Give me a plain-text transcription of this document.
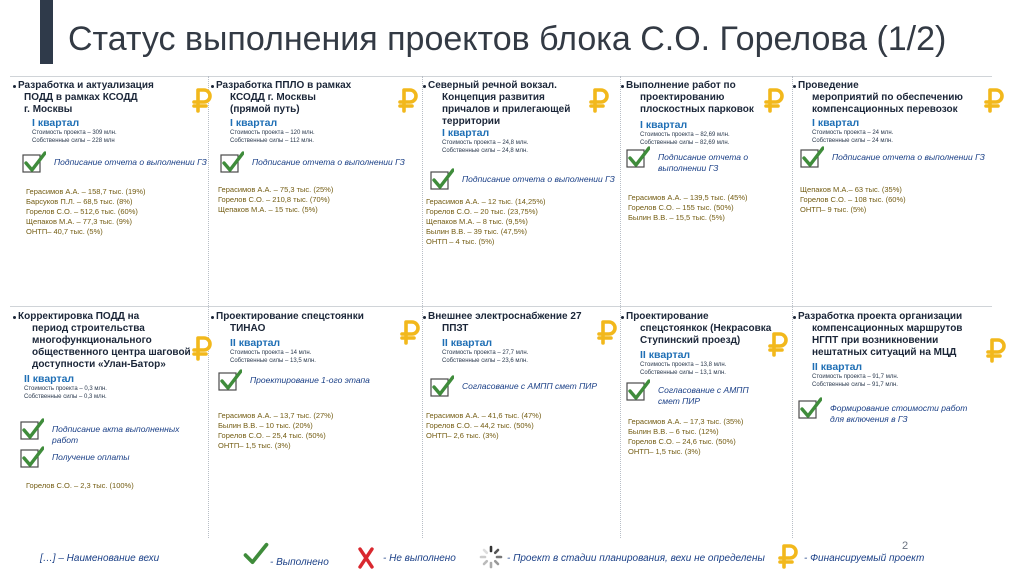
Статус выполнения проектов блока С.О. Горелова (1/2)
Разработка и актуализация
ПОДД в рамках КСОДД
г. Москвы
I квартал
Стоимость проекта – 309 млн.
Собственные силы – 228 млн
Подписание отчета о выполнении ГЗ
Герасимов А.А. – 158,7 тыс. (19%)
Барсуков П.Л. – 68,5 тыс. (8%)
Горелов С.О. – 512,6 тыс. (60%)
Щепаков М.А. – 77,3 тыс. (9%)
ОНТП– 40,7 тыс. (5%)
Разработка ППЛО в рамках
КСОДД г. Москвы
(прямой путь)
I квартал
Стоимость проекта – 120 млн.
Собственные силы – 112 млн.
Подписание отчета о выполнении ГЗ
Герасимов А.А. – 75,3 тыс. (25%)
Горелов С.О. – 210,8 тыс. (70%)
Щепаков М.А. – 15 тыс. (5%)
Северный речной вокзал.
Концепция развития
причалов и прилегающей
территории
I квартал
Стоимость проекта – 24,8 млн.
Собственные силы – 24,8 млн.
Подписание отчета о выполнении ГЗ
Герасимов А.А. – 12 тыс. (14,25%)
Горелов С.О. – 20 тыс. (23,75%)
Щепаков М.А. – 8 тыс. (9,5%)
Былин В.В. – 39 тыс. (47,5%)
ОНТП – 4 тыс. (5%)
Выполнение работ по
проектированию
плоскостных парковок
I квартал
Стоимость проекта – 82,69 млн.
Собственные силы – 82,69 млн.
Подписание отчета о
выполнении ГЗ
Герасимов А.А. – 139,5 тыс. (45%)
Горелов С.О. – 155 тыс. (50%)
Былин В.В. – 15,5 тыс. (5%)
Проведение
мероприятий по обеспечению
компенсационных перевозок
I квартал
Стоимость проекта – 24 млн.
Собственные силы – 24 млн.
Подписание отчета о выполнении ГЗ
Щепаков М.А.– 63 тыс. (35%)
Горелов С.О. – 108 тыс. (60%)
ОНТП– 9 тыс. (5%)
Корректировка ПОДД на
период строительства
многофункционального
общественного центра шаговой
доступности «Улан-Батор»
II квартал
Стоимость проекта – 0,3 млн.
Собственные силы – 0,3 млн.
Подписание акта выполненных
работ
Получение оплаты
Горелов С.О. – 2,3 тыс. (100%)
Проектирование спецстоянки
ТИНАО
II квартал
Стоимость проекта – 14 млн.
Собственные силы – 13,5 млн.
Проектирование 1-ого этапа
Герасимов А.А. – 13,7 тыс. (27%)
Былин В.В. – 10 тыс. (20%)
Горелов С.О. – 25,4 тыс. (50%)
ОНТП– 1,5 тыс. (3%)
Внешнее электроснабжение 27
ППЗТ
II квартал
Стоимость проекта – 27,7 млн.
Собственные силы – 23,6 млн.
Согласование с АМПП смет ПИР
Герасимов А.А. – 41,6 тыс. (47%)
Горелов С.О. – 44,2 тыс. (50%)
ОНТП– 2,6 тыс. (3%)
Проектирование
спецстоянкок (Некрасовка
Ступинский проезд)
II квартал
Стоимость проекта – 13,8 млн.
Собственные силы – 13,1 млн.
Согласование с АМПП
смет ПИР
Герасимов А.А. – 17,3 тыс. (35%)
Былин В.В. – 6 тыс. (12%)
Горелов С.О. – 24,6 тыс. (50%)
ОНТП– 1,5 тыс. (3%)
Разработка проекта организации
компенсационных маршрутов
НГПТ при возникновении
нештатных ситуаций на МЦД
II квартал
Стоимость проекта – 91,7 млн.
Собственные силы – 91,7 млн.
Формирование стоимости работ
для включения в ГЗ
[…] – Наименование вехи	- Выполнено	- Не выполнено	- Проект в стадии планирования, вехи не определены	- Финансируемый проект
2
